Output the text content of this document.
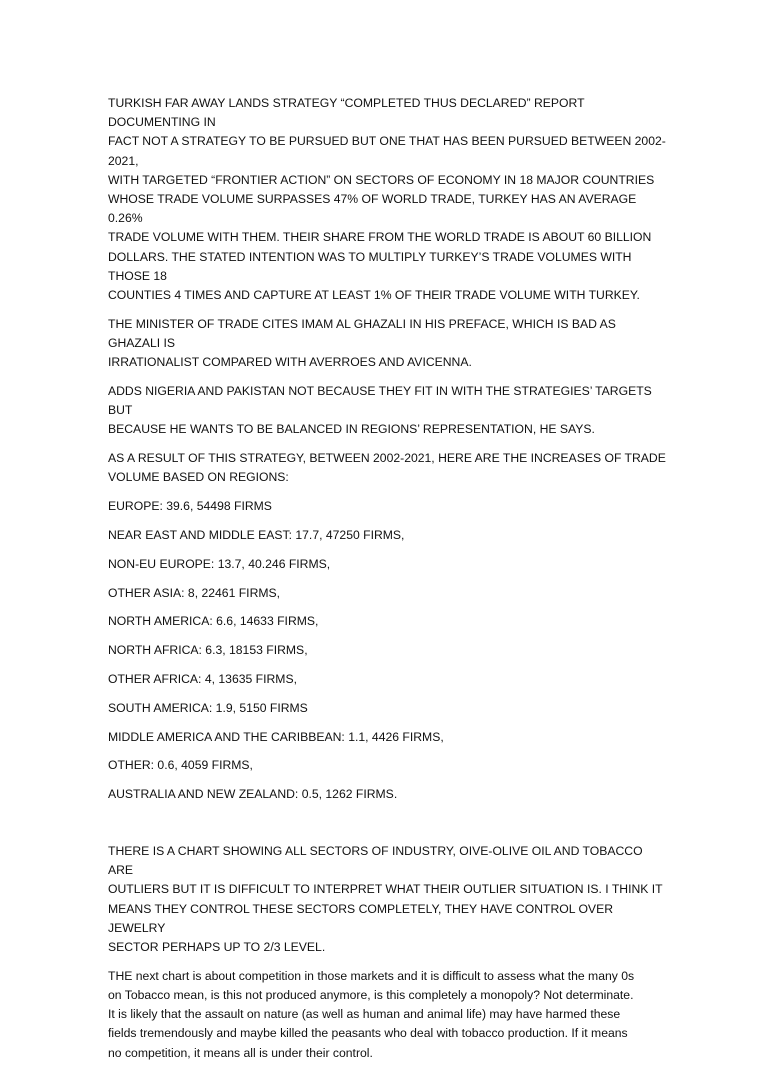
TURKISH FAR AWAY LANDS STRATEGY “COMPLETED THUS DECLARED” REPORT DOCUMENTING IN
FACT NOT A STRATEGY TO BE PURSUED BUT ONE THAT HAS BEEN PURSUED BETWEEN 2002-2021,
WITH TARGETED “FRONTIER ACTION” ON SECTORS OF ECONOMY IN 18 MAJOR COUNTRIES
WHOSE TRADE VOLUME SURPASSES 47% OF WORLD TRADE, TURKEY HAS AN AVERAGE 0.26%
TRADE VOLUME WITH THEM. THEIR SHARE FROM THE WORLD TRADE IS ABOUT 60 BILLION
DOLLARS. THE STATED INTENTION WAS TO MULTIPLY TURKEY’S TRADE VOLUMES WITH THOSE 18
COUNTIES 4 TIMES AND CAPTURE AT LEAST 1% OF THEIR TRADE VOLUME WITH TURKEY.

THE MINISTER OF TRADE CITES IMAM AL GHAZALI IN HIS PREFACE, WHICH IS BAD AS GHAZALI IS
IRRATIONALIST COMPARED WITH AVERROES AND AVICENNA.

ADDS NIGERIA AND PAKISTAN NOT BECAUSE THEY FIT IN WITH THE STRATEGIES’ TARGETS BUT
BECAUSE HE WANTS TO BE BALANCED IN REGIONS’ REPRESENTATION, HE SAYS.

AS A RESULT OF THIS STRATEGY, BETWEEN 2002-2021, HERE ARE THE INCREASES OF TRADE
VOLUME BASED ON REGIONS:

EUROPE: 39.6, 54498 FIRMS

NEAR EAST AND MIDDLE EAST: 17.7, 47250 FIRMS,

NON-EU EUROPE: 13.7, 40.246 FIRMS,

OTHER ASIA: 8, 22461 FIRMS,

NORTH AMERICA: 6.6, 14633 FIRMS,

NORTH AFRICA: 6.3, 18153 FIRMS,

OTHER AFRICA: 4, 13635 FIRMS,

SOUTH AMERICA: 1.9, 5150 FIRMS

MIDDLE AMERICA AND THE CARIBBEAN: 1.1, 4426 FIRMS,

OTHER: 0.6, 4059 FIRMS,

AUSTRALIA AND NEW ZEALAND: 0.5, 1262 FIRMS.

THERE IS A CHART SHOWING ALL SECTORS OF INDUSTRY, OIVE-OLIVE OIL AND TOBACCO ARE
OUTLIERS BUT IT IS DIFFICULT TO INTERPRET WHAT THEIR OUTLIER SITUATION IS. I THINK IT
MEANS THEY CONTROL THESE SECTORS COMPLETELY, THEY HAVE CONTROL OVER JEWELRY
SECTOR PERHAPS UP TO 2/3 LEVEL.

THE next chart is about competition in those markets and it is difficult to assess what the many 0s
on Tobacco mean, is this not produced anymore, is this completely a monopoly? Not determinate.
It is likely that the assault on nature (as well as human and animal life) may have harmed these
fields tremendously and maybe killed the peasants who deal with tobacco production. If it means
no competition, it means all is under their control.
